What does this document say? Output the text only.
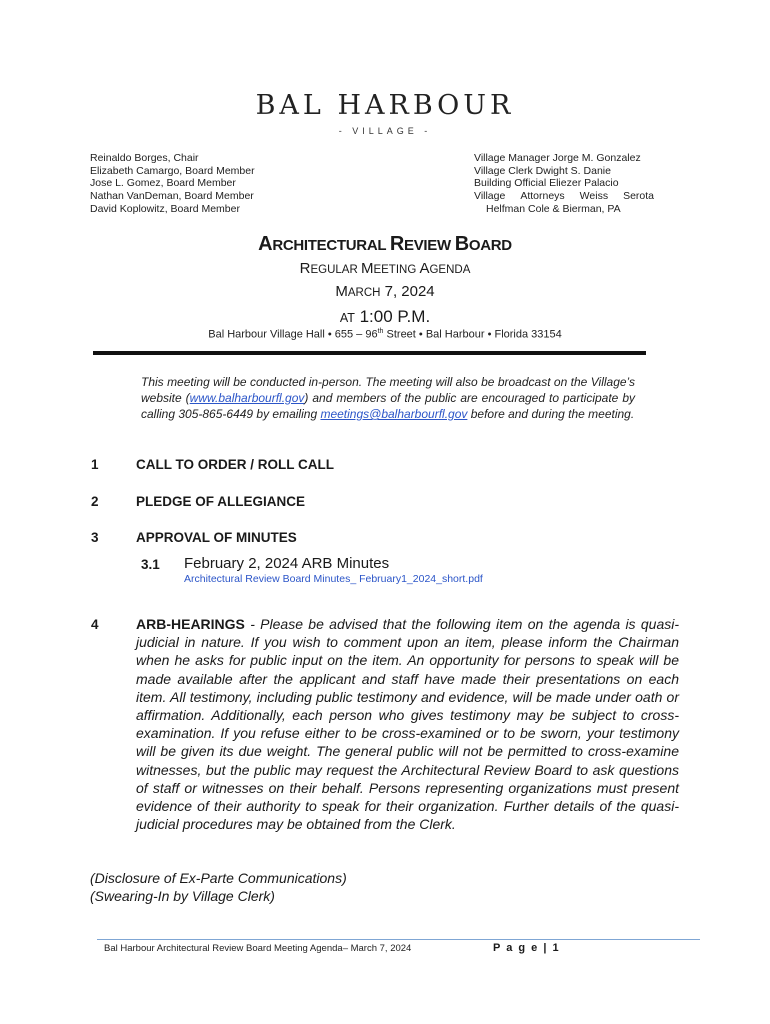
BAL HARBOUR
- VILLAGE -
Reinaldo Borges, Chair
Elizabeth Camargo, Board Member
Jose L. Gomez, Board Member
Nathan VanDeman, Board Member
David Koplowitz, Board Member
Village Manager Jorge M. Gonzalez
Village Clerk Dwight S. Danie
Building Official Eliezer Palacio
Village Attorneys Weiss Serota
Helfman Cole & Bierman, PA
ARCHITECTURAL REVIEW BOARD
REGULAR MEETING AGENDA
MARCH 7, 2024
AT 1:00 P.M.
Bal Harbour Village Hall • 655 – 96th Street • Bal Harbour • Florida 33154
This meeting will be conducted in-person. The meeting will also be broadcast on the Village’s website (www.balharbourfl.gov) and members of the public are encouraged to participate by calling 305-865-6449 by emailing meetings@balharbourfl.gov before and during the meeting.
1	CALL TO ORDER / ROLL CALL
2	PLEDGE OF ALLEGIANCE
3	APPROVAL OF MINUTES
3.1 February 2, 2024 ARB Minutes
Architectural Review Board Minutes_ February1_2024_short.pdf
4	ARB-HEARINGS - Please be advised that the following item on the agenda is quasi-judicial in nature. If you wish to comment upon an item, please inform the Chairman when he asks for public input on the item. An opportunity for persons to speak will be made available after the applicant and staff have made their presentations on each item. All testimony, including public testimony and evidence, will be made under oath or affirmation. Additionally, each person who gives testimony may be subject to cross-examination. If you refuse either to be cross-examined or to be sworn, your testimony will be given its due weight. The general public will not be permitted to cross-examine witnesses, but the public may request the Architectural Review Board to ask questions of staff or witnesses on their behalf. Persons representing organizations must present evidence of their authority to speak for their organization. Further details of the quasi-judicial procedures may be obtained from the Clerk.
(Disclosure of Ex-Parte Communications)
(Swearing-In by Village Clerk)
Bal Harbour Architectural Review Board Meeting Agenda– March 7, 2024	P a g e | 1
